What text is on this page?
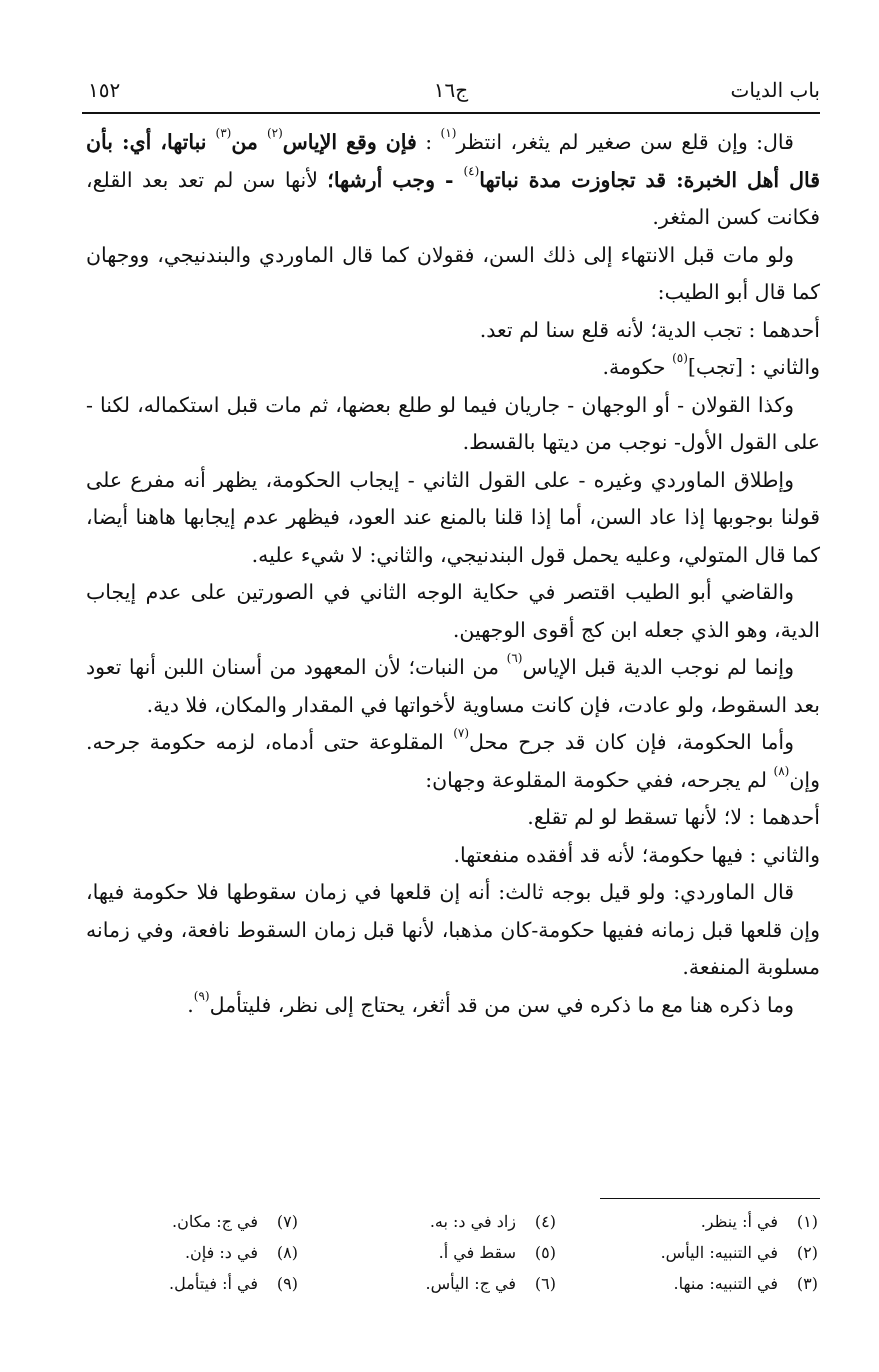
باب الديات
ج١٦
١٥٢

قال: وإن قلع سن صغير لم يثغر، انتظر$^{(١)}$ : فإن وقع الإياس$^{(٢)}$ من$^{(٣)}$ نباتها، أي: بأن قال أهل الخبرة: قد تجاوزت مدة نباتها$^{(٤)}$ - وجب أرشها؛ لأنها سن لم تعد بعد القلع، فكانت كسن المثغر.

ولو مات قبل الانتهاء إلى ذلك السن، فقولان كما قال الماوردي والبندنيجي، ووجهان كما قال أبو الطيب:

أحدهما : تجب الدية؛ لأنه قلع سنا لم تعد.

والثاني : [تجب]$^{(٥)}$ حكومة.

وكذا القولان - أو الوجهان - جاريان فيما لو طلع بعضها، ثم مات قبل استكماله، لكنا - على القول الأول- نوجب من ديتها بالقسط.

وإطلاق الماوردي وغيره - على القول الثاني - إيجاب الحكومة، يظهر أنه مفرع على قولنا بوجوبها إذا عاد السن، أما إذا قلنا بالمنع عند العود، فيظهر عدم إيجابها هاهنا أيضا، كما قال المتولي، وعليه يحمل قول البندنيجي، والثاني: لا شيء عليه.

والقاضي أبو الطيب اقتصر في حكاية الوجه الثاني في الصورتين على عدم إيجاب الدية، وهو الذي جعله ابن كج أقوى الوجهين.

وإنما لم نوجب الدية قبل الإياس$^{(٦)}$ من النبات؛ لأن المعهود من أسنان اللبن أنها تعود بعد السقوط، ولو عادت، فإن كانت مساوية لأخواتها في المقدار والمكان، فلا دية.

وأما الحكومة، فإن كان قد جرح محل$^{(٧)}$ المقلوعة حتى أدماه، لزمه حكومة جرحه. وإن$^{(٨)}$ لم يجرحه، ففي حكومة المقلوعة وجهان:

أحدهما : لا؛ لأنها تسقط لو لم تقلع.

والثاني : فيها حكومة؛ لأنه قد أفقده منفعتها.

قال الماوردي: ولو قيل بوجه ثالث: أنه إن قلعها في زمان سقوطها فلا حكومة فيها، وإن قلعها قبل زمانه ففيها حكومة-كان مذهبا، لأنها قبل زمان السقوط نافعة، وفي زمانه مسلوبة المنفعة.

وما ذكره هنا مع ما ذكره في سن من قد أثغر، يحتاج إلى نظر، فليتأمل$^{(٩)}$.

(١)في أ: ينظر.
(٢)في التنبيه: اليأس.
(٣)في التنبيه: منها.
(٤)زاد في د: به.
(٥)سقط في أ.
(٦)في ج: اليأس.
(٧)في ج: مكان.
(٨)في د: فإن.
(٩)في أ: فيتأمل.
